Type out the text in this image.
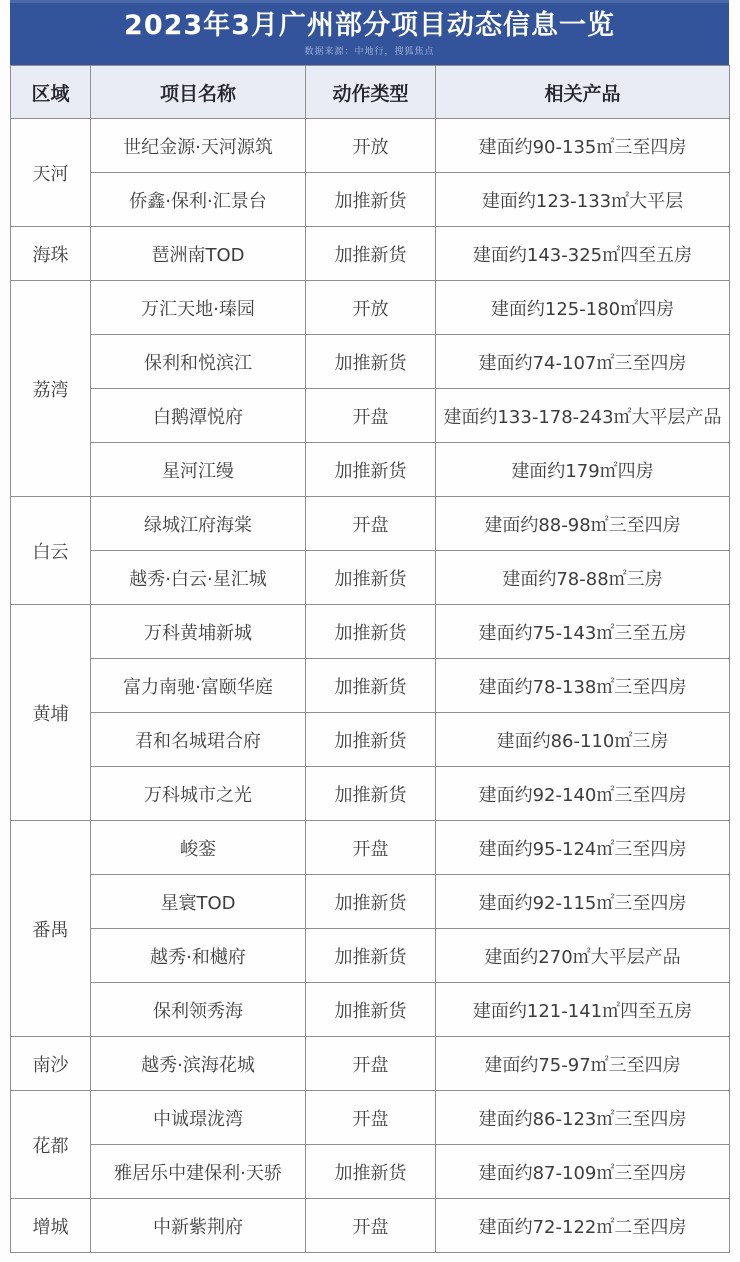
2023年3月广州部分项目动态信息一览
数据来源：中地行，搜狐焦点
区域	项目名称	动作类型	相关产品
天河	世纪金源·天河源筑	开放	建面约90-135㎡三至四房
	侨鑫·保利·汇景台	加推新货	建面约123-133㎡大平层
海珠	琶洲南TOD	加推新货	建面约143-325㎡四至五房
荔湾	万汇天地·瑧园	开放	建面约125-180㎡四房
	保利和悦滨江	加推新货	建面约74-107㎡三至四房
	白鹅潭悦府	开盘	建面约133-178-243㎡大平层产品
	星河江缦	加推新货	建面约179㎡四房
白云	绿城江府海棠	开盘	建面约88-98㎡三至四房
	越秀·白云·星汇城	加推新货	建面约78-88㎡三房
黄埔	万科黄埔新城	加推新货	建面约75-143㎡三至五房
	富力南驰·富颐华庭	加推新货	建面约78-138㎡三至四房
	君和名城珺合府	加推新货	建面约86-110㎡三房
	万科城市之光	加推新货	建面约92-140㎡三至四房
番禺	峻銮	开盘	建面约95-124㎡三至四房
	星寰TOD	加推新货	建面约92-115㎡三至四房
	越秀·和樾府	加推新货	建面约270㎡大平层产品
	保利领秀海	加推新货	建面约121-141㎡四至五房
南沙	越秀·滨海花城	开盘	建面约75-97㎡三至四房
花都	中诚璟泷湾	开盘	建面约86-123㎡三至四房
	雅居乐中建保利·天骄	加推新货	建面约87-109㎡三至四房
增城	中新紫荆府	开盘	建面约72-122㎡二至四房
